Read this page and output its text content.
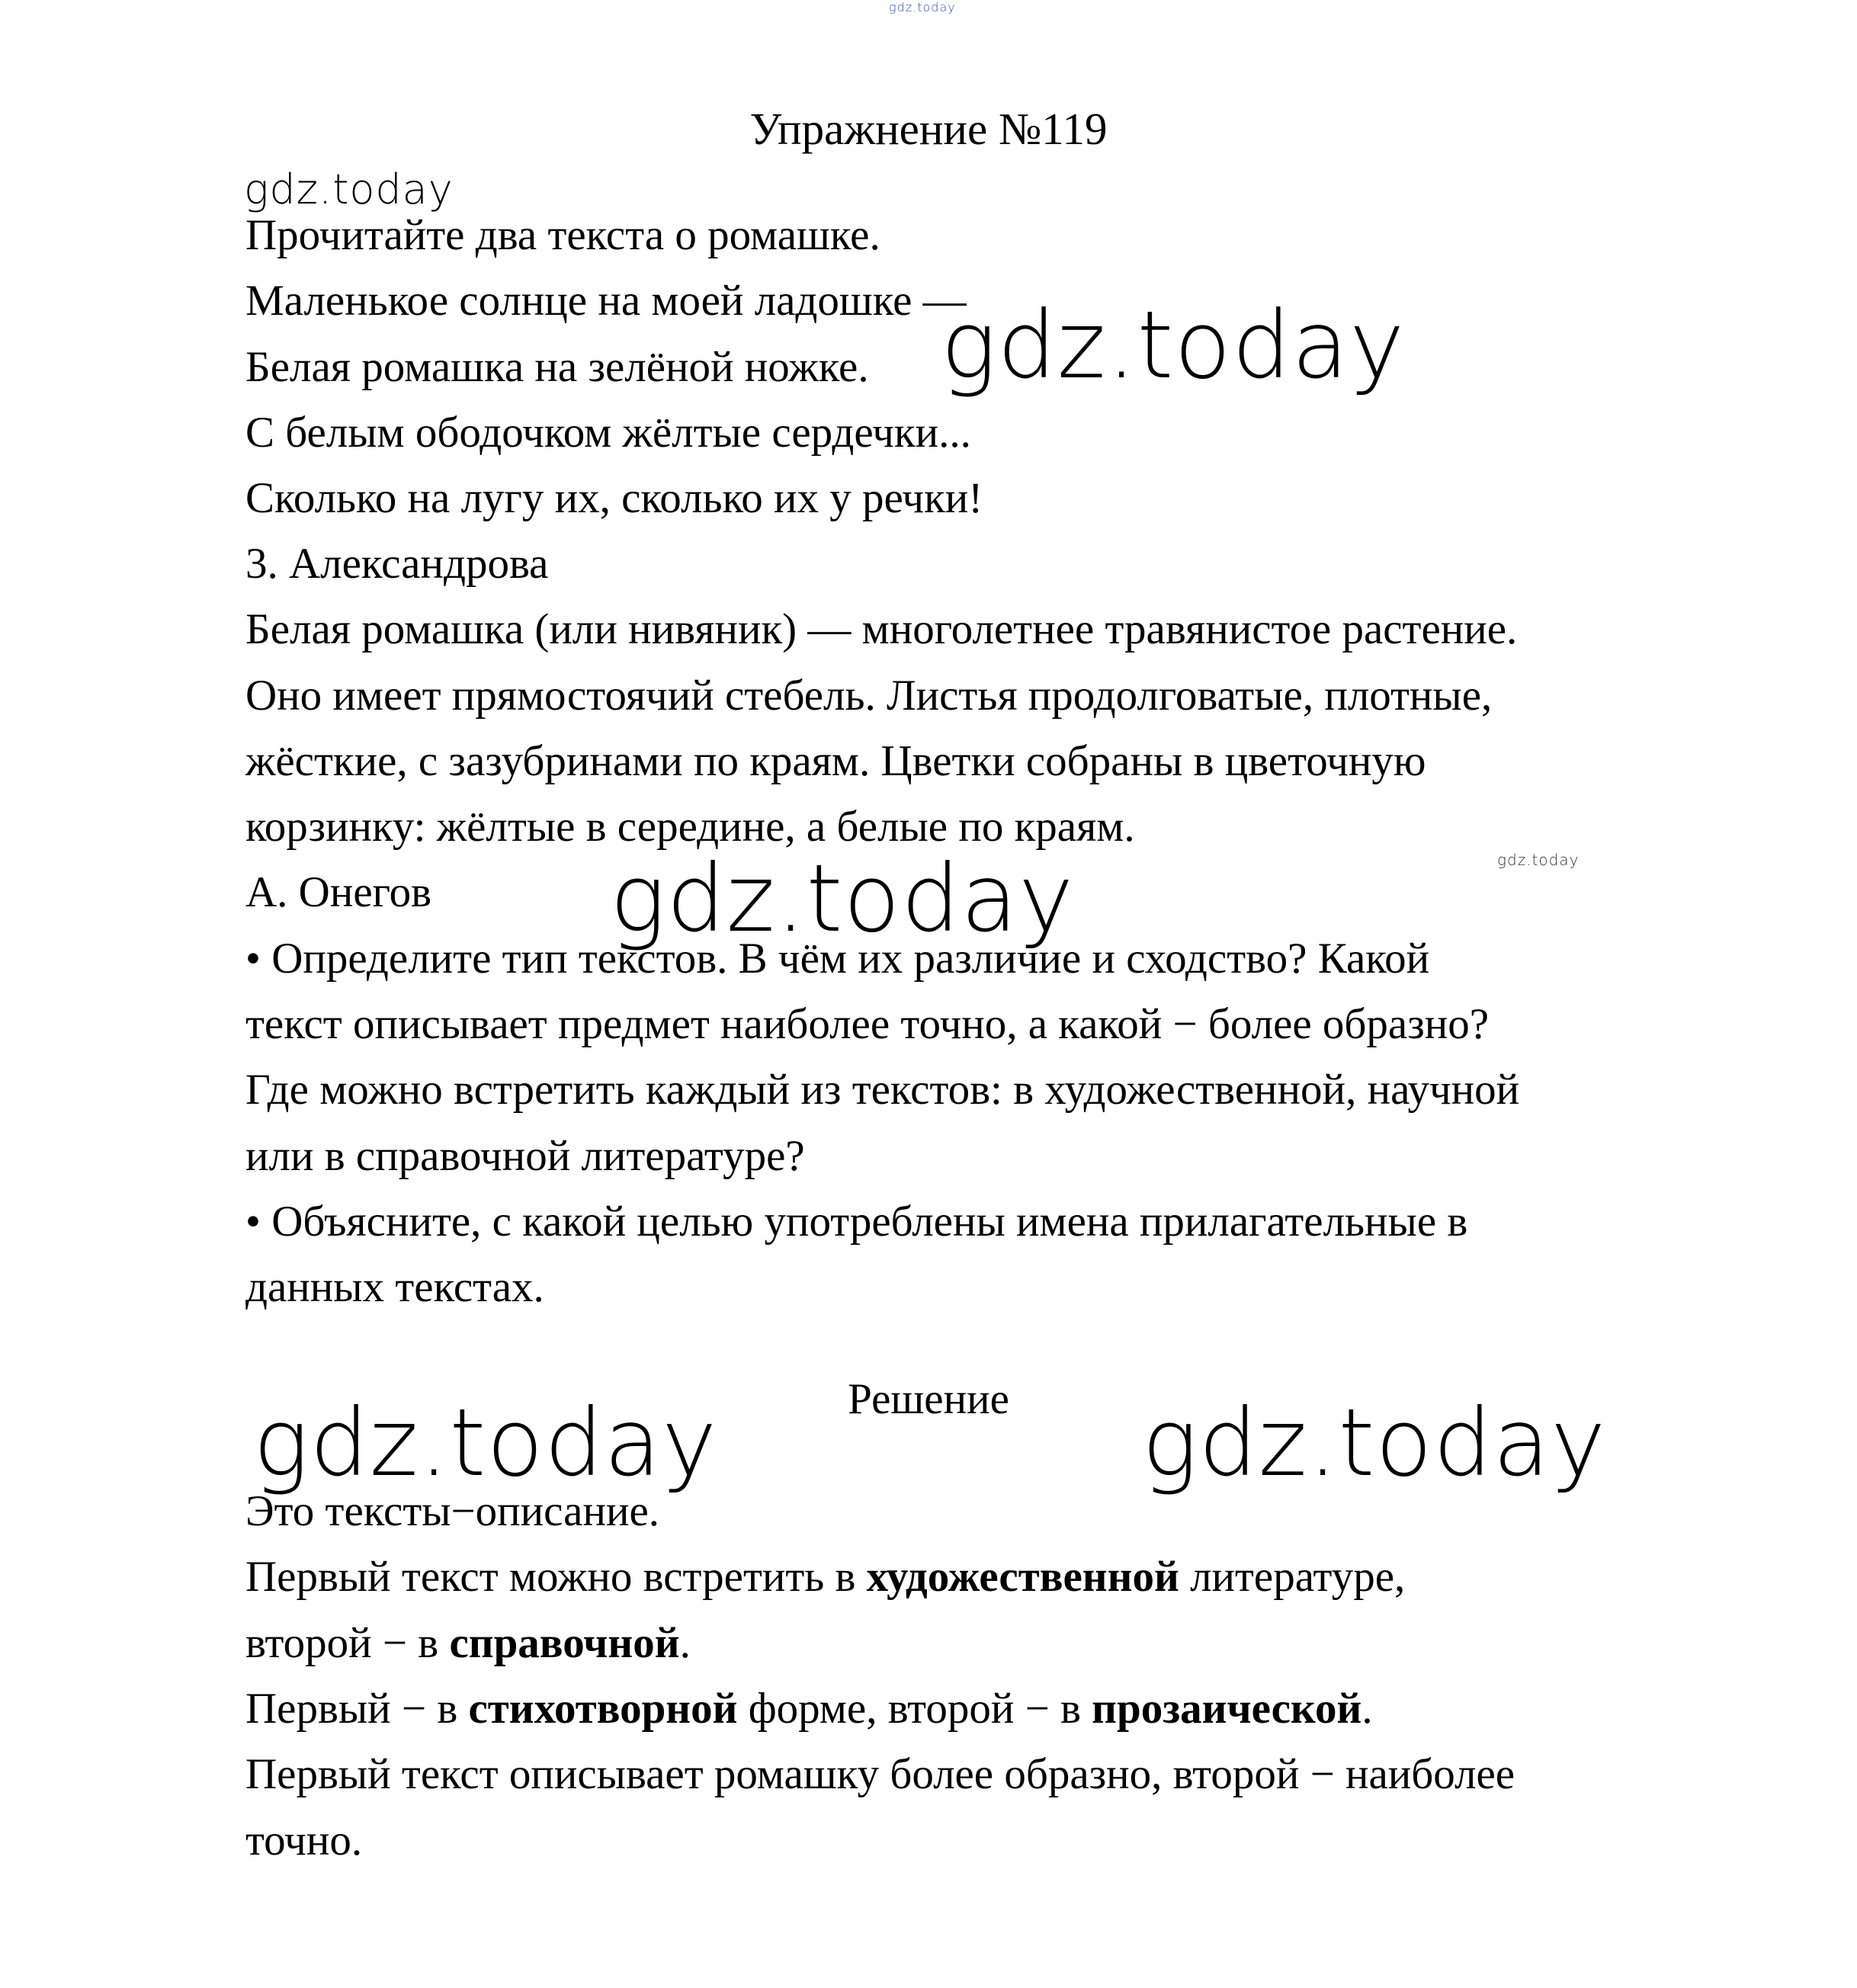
gdz.today
gdz.today
gdz.today
gdz.today
gdz.today
gdz.today	gdz.today
Упражнение №119
Прочитайте два текста о ромашке.
Маленькое солнце на моей ладошке —
Белая ромашка на зелёной ножке.
С белым ободочком жёлтые сердечки...
Сколько на лугу их, сколько их у речки!
3. Александрова
Белая ромашка (или нивяник) — многолетнее травянистое растение.
Оно имеет прямостоячий стебель. Листья продолговатые, плотные,
жёсткие, с зазубринами по краям. Цветки собраны в цветочную
корзинку: жёлтые в середине, а белые по краям.
А. Онегов
• Определите тип текстов. В чём их различие и сходство? Какой
текст описывает предмет наиболее точно, а какой − более образно?
Где можно встретить каждый из текстов: в художественной, научной
или в справочной литературе?
• Объясните, с какой целью употреблены имена прилагательные в
данных текстах.
Решение
Это тексты−описание.
Первый текст можно встретить в художественной литературе,
второй − в справочной.
Первый − в стихотворной форме, второй − в прозаической.
Первый текст описывает ромашку более образно, второй − наиболее
точно.
